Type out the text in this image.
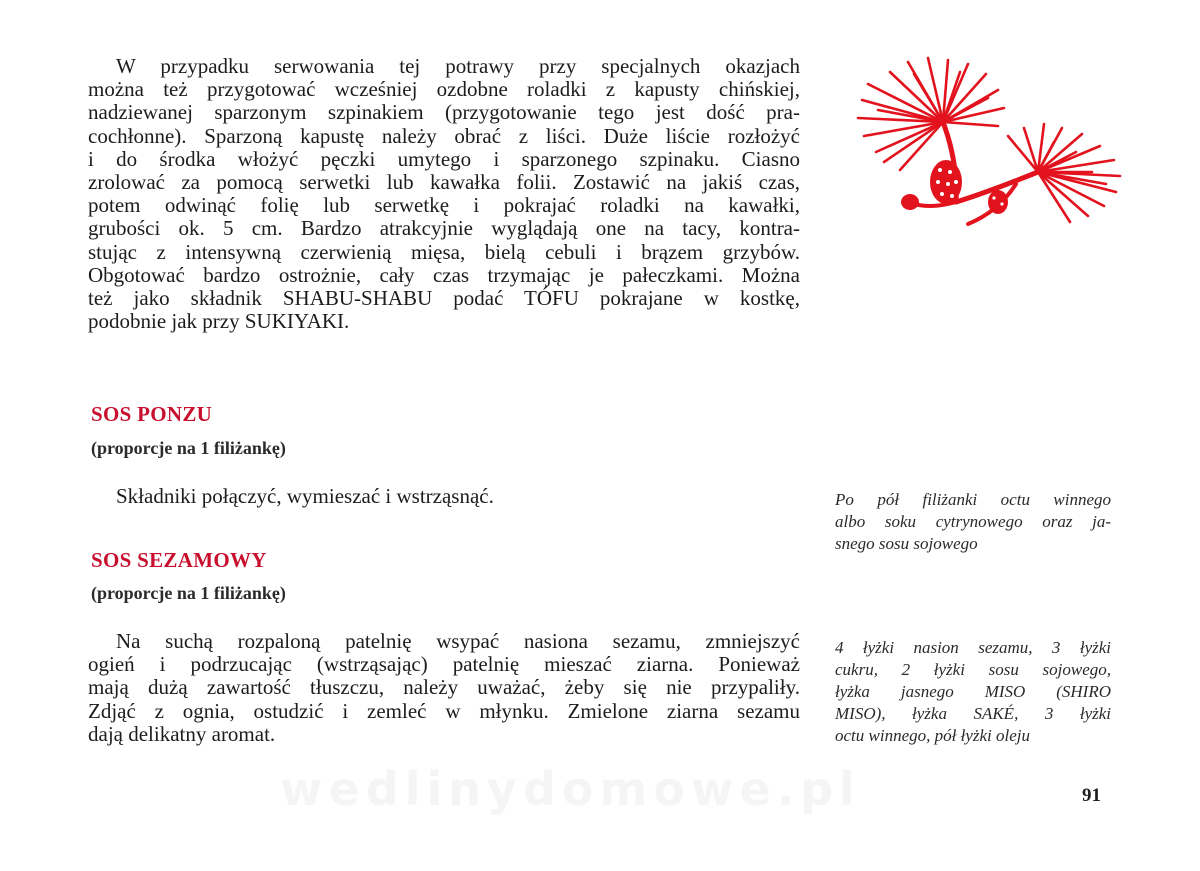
W przypadku serwowania tej potrawy przy specjalnych okazjach
można też przygotować wcześniej ozdobne roladki z kapusty chińskiej,
nadziewanej sparzonym szpinakiem (przygotowanie tego jest dość pra-
cochłonne). Sparzoną kapustę należy obrać z liści. Duże liście rozłożyć
i do środka włożyć pęczki umytego i sparzonego szpinaku. Ciasno
zrolować za pomocą serwetki lub kawałka folii. Zostawić na jakiś czas,
potem odwinąć folię lub serwetkę i pokrajać roladki na kawałki,
grubości ok. 5 cm. Bardzo atrakcyjnie wyglądają one na tacy, kontra-
stując z intensywną czerwienią mięsa, bielą cebuli i brązem grzybów.
Obgotować bardzo ostrożnie, cały czas trzymając je pałeczkami. Można
też jako składnik SHABU-SHABU podać TÓFU pokrajane w kostkę,
podobnie jak przy SUKIYAKI.
SOS PONZU
(proporcje na 1 filiżankę)
Składniki połączyć, wymieszać i wstrząsnąć.	Po pół filiżanki octu winnego
albo soku cytrynowego oraz ja-
snego sosu sojowego
SOS SEZAMOWY
(proporcje na 1 filiżankę)
Na suchą rozpaloną patelnię wsypać nasiona sezamu, zmniejszyć
ogień i podrzucając (wstrząsając) patelnię mieszać ziarna. Ponieważ
mają dużą zawartość tłuszczu, należy uważać, żeby się nie przypaliły.
Zdjąć z ognia, ostudzić i zemleć w młynku. Zmielone ziarna sezamu
dają delikatny aromat.
4 łyżki nasion sezamu, 3 łyżki
cukru, 2 łyżki sosu sojowego,
łyżka jasnego MISO (SHIRO
MISO), łyżka SAKÉ, 3 łyżki
octu winnego, pół łyżki oleju
wedlinydomowe.pl	91
